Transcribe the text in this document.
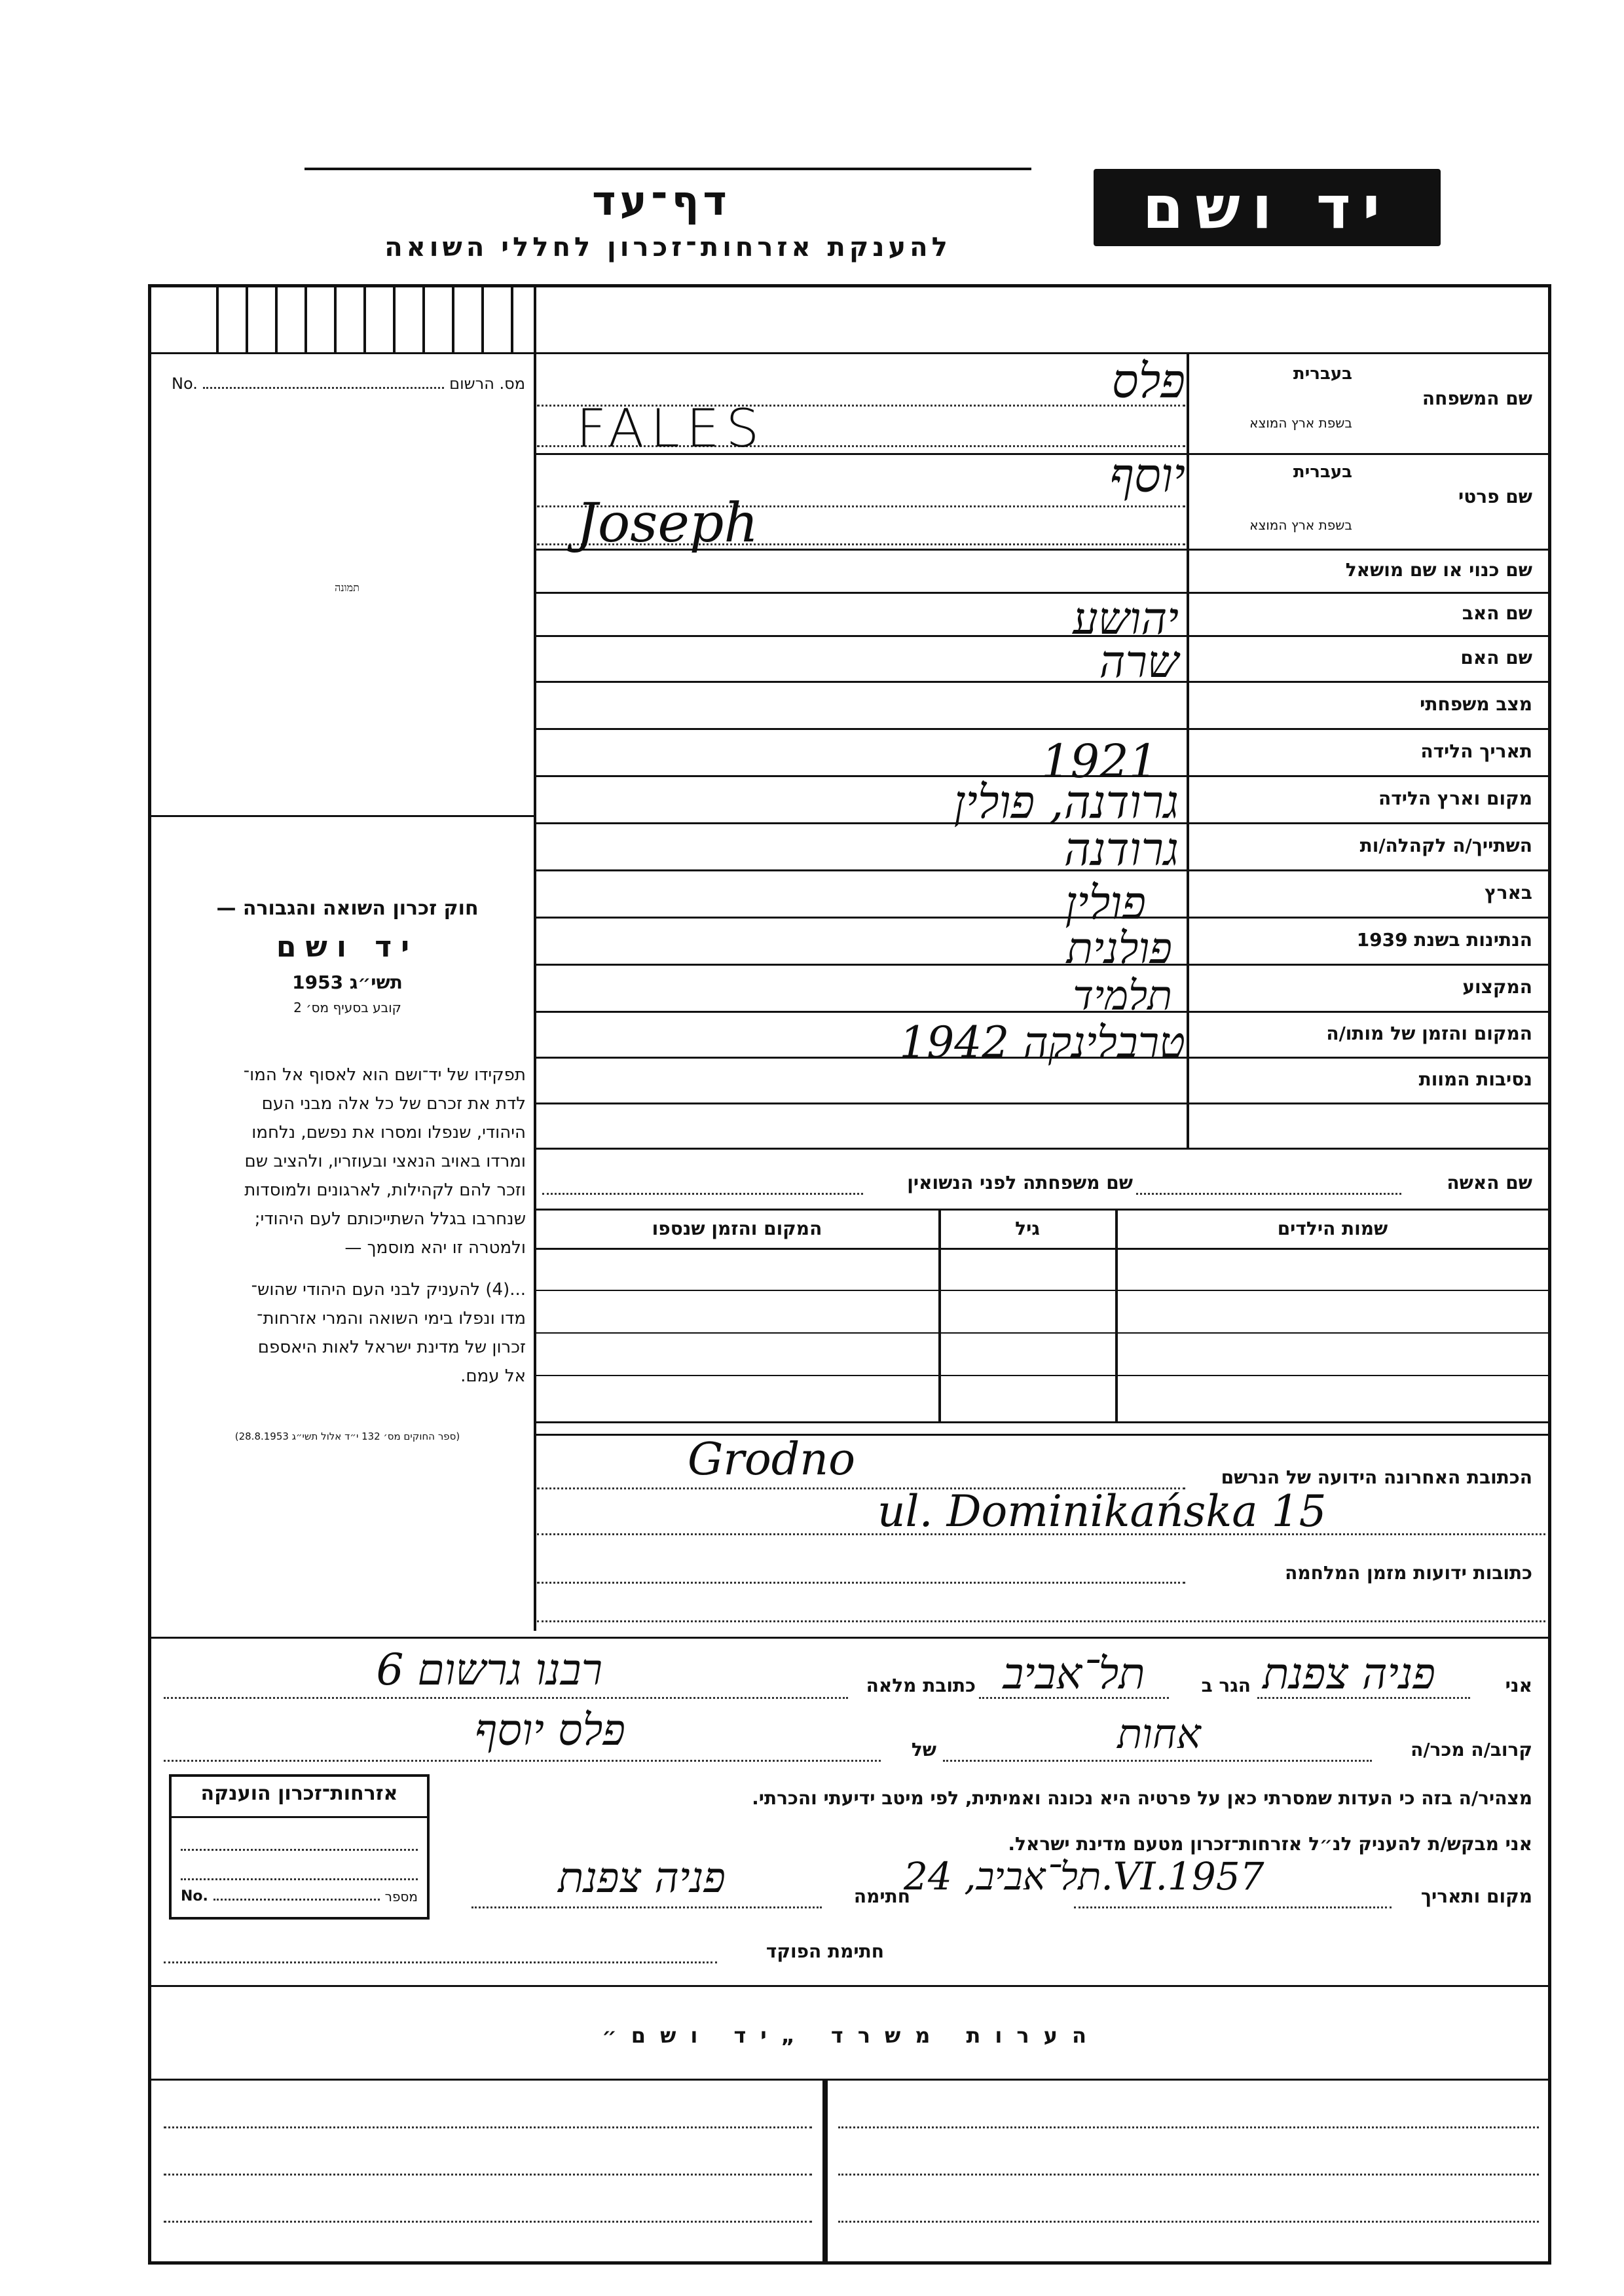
יד ושם
דף־עד
להענקת אזרחות־זכרון לחללי השואה
No.	מס. הרשום
תמונה
חוק זכרון השואה והגבורה —
יד ושם
תשי״ג 1953
קובע בסעיף מס׳ 2
תפקידו של יד־ושם הוא לאסוף אל המו־
לדת את זכרם של כל אלה מבני העם
היהודי, שנפלו ומסרו את נפשם, נלחמו
ומרדו באויב הנאצי ובעוזריו, ולהציב שם
וזכר להם לקהילות, לארגונים ולמוסדות
שנחרבו בגלל השתייכותם לעם היהודי;
ולמטרה זו יהא מוסמך —
...(4) להעניק לבני העם היהודי שהוש־
מדו ונפלו בימי השואה והמרי אזרחות־
זכרון של מדינת ישראל לאות היאספם
אל עמם.
(ספר החוקים מס׳ 132 י״ד אלול תשי״ג 28.8.1953)
שם המשפחה
בעברית
בשפת ארץ המוצא
פלס
FALES
שם פרטי
בעברית
בשפת ארץ המוצא
יוסף
Joseph
שם כנוי או שם מושאל
שם האב
שם האם
מצב משפחתי
תאריך הלידה
מקום וארץ הלידה
השתייך/ה לקהלה/ות
בארץ
הנתינות בשנת 1939
המקצוע
המקום והזמן של מותו/ה
נסיבות המוות
יהושע
שרה
1921
גרודנה, פולין
גרודנה
פולין
פולנית
תלמיד
טרבלינקה 1942
שם האשה
שם משפחתה לפני הנשואין
שמות הילדים
גיל
המקום והזמן שנספו
הכתובת האחרונה הידועה של הנרשם
Grodno
ul. Dominikańska 15
כתובות ידועות מזמן המלחמה
אני
פניה צפנת
הגר ב
תל־אביב
כתובת מלאה
רבנו גרשום 6
קרוב/ה מכר/ה
אחות
של
פלס יוסף
מצהיר/ה בזה כי העדות שמסרתי כאן על פרטיה היא נכונה ואמיתית, לפי מיטב ידיעתי והכרתי.
אני מבקש/ת להעניק לנ״ל אזרחות־זכרון מטעם מדינת ישראל.
מקום ותאריך
תל־אביב, 24.VI.1957
חתימה
פניה צפנת
חתימת הפוקד
אזרחות־זכרון הוענקה
No.	מספר
הערות משרד „יד ושם״
